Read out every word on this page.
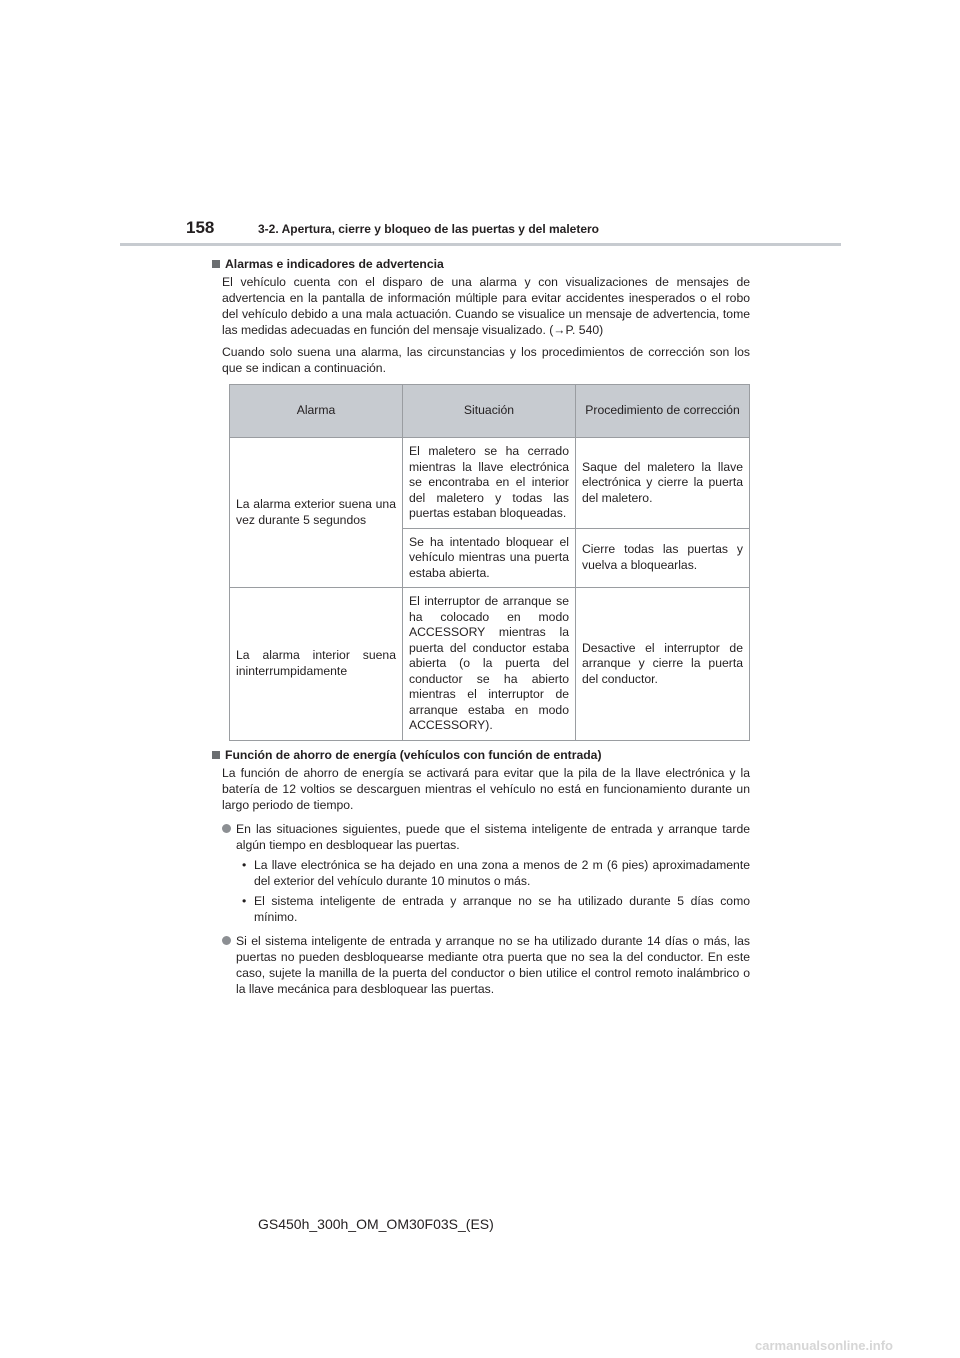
158	3-2. Apertura, cierre y bloqueo de las puertas y del maletero
Alarmas e indicadores de advertencia

El vehículo cuenta con el disparo de una alarma y con visualizaciones de mensajes de advertencia en la pantalla de información múltiple para evitar accidentes inesperados o el robo del vehículo debido a una mala actuación. Cuando se visualice un mensaje de advertencia, tome las medidas adecuadas en función del mensaje visualizado. (→P. 540)

Cuando solo suena una alarma, las circunstancias y los procedimientos de corrección son los que se indican a continuación.

Alarma	Situación	Procedimiento de corrección
La alarma exterior suena una vez durante 5 segundos	El maletero se ha cerrado mientras la llave electrónica se encontraba en el interior del maletero y todas las puertas estaban bloqueadas.	Saque del maletero la llave electrónica y cierre la puerta del maletero.
	Se ha intentado bloquear el vehículo mientras una puerta estaba abierta.	Cierre todas las puertas y vuelva a bloquearlas.
La alarma interior suena ininterrumpidamente	El interruptor de arranque se ha colocado en modo ACCESSORY mientras la puerta del conductor estaba abierta (o la puerta del conductor se ha abierto mientras el interruptor de arranque estaba en modo ACCESSORY).	Desactive el interruptor de arranque y cierre la puerta del conductor.
Función de ahorro de energía (vehículos con función de entrada)

La función de ahorro de energía se activará para evitar que la pila de la llave electrónica y la batería de 12 voltios se descarguen mientras el vehículo no está en funcionamiento durante un largo periodo de tiempo.

En las situaciones siguientes, puede que el sistema inteligente de entrada y arranque tarde algún tiempo en desbloquear las puertas.
• La llave electrónica se ha dejado en una zona a menos de 2 m (6 pies) aproximadamente del exterior del vehículo durante 10 minutos o más.
• El sistema inteligente de entrada y arranque no se ha utilizado durante 5 días como mínimo.
Si el sistema inteligente de entrada y arranque no se ha utilizado durante 14 días o más, las puertas no pueden desbloquearse mediante otra puerta que no sea la del conductor. En este caso, sujete la manilla de la puerta del conductor o bien utilice el control remoto inalámbrico o la llave mecánica para desbloquear las puertas.
GS450h_300h_OM_OM30F03S_(ES)
carmanualsonline.info
